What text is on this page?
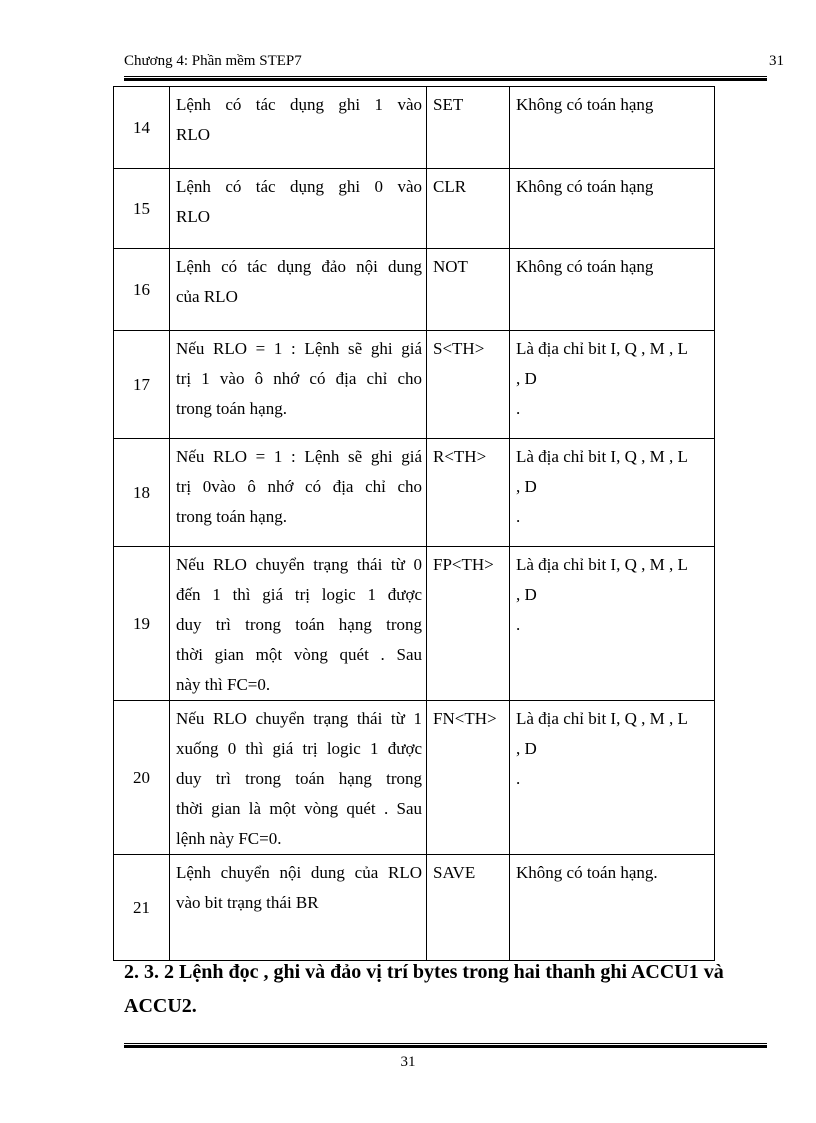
Chương 4: Phần mềm STEP7	31
14	Lệnh có tác dụng ghi 1 vào
RLO	SET	Không có toán hạng

15	Lệnh có tác dụng ghi 0 vào
RLO	CLR	Không có toán hạng

16	Lệnh có tác dụng đảo nội dung
của RLO	NOT	Không có toán hạng

17	Nếu RLO = 1 : Lệnh sẽ ghi giá
trị 1 vào ô nhớ có địa chỉ cho
trong toán hạng.	S<TH>	Là địa chỉ bit I, Q , M , L
, D
.

18	Nếu RLO = 1 : Lệnh sẽ ghi giá
trị 0vào ô nhớ có địa chỉ cho
trong toán hạng.	R<TH>	Là địa chỉ bit I, Q , M , L
, D
.

19	Nếu RLO chuyển trạng thái từ 0
đến 1 thì giá trị logic 1 được
duy trì trong toán hạng trong
thời gian một vòng quét . Sau
này thì FC=0.	FP<TH>	Là địa chỉ bit I, Q , M , L
, D
.

20	Nếu RLO chuyển trạng thái từ 1
xuống 0 thì giá trị logic 1 được
duy trì trong toán hạng trong
thời gian là một vòng quét . Sau
lệnh này FC=0.	FN<TH>	Là địa chỉ bit I, Q , M , L
, D
.

21	Lệnh chuyển nội dung của RLO
vào bit trạng thái BR	SAVE	Không có toán hạng.
2. 3. 2 Lệnh đọc , ghi và đảo vị trí bytes trong hai thanh ghi ACCU1 và ACCU2.
31
